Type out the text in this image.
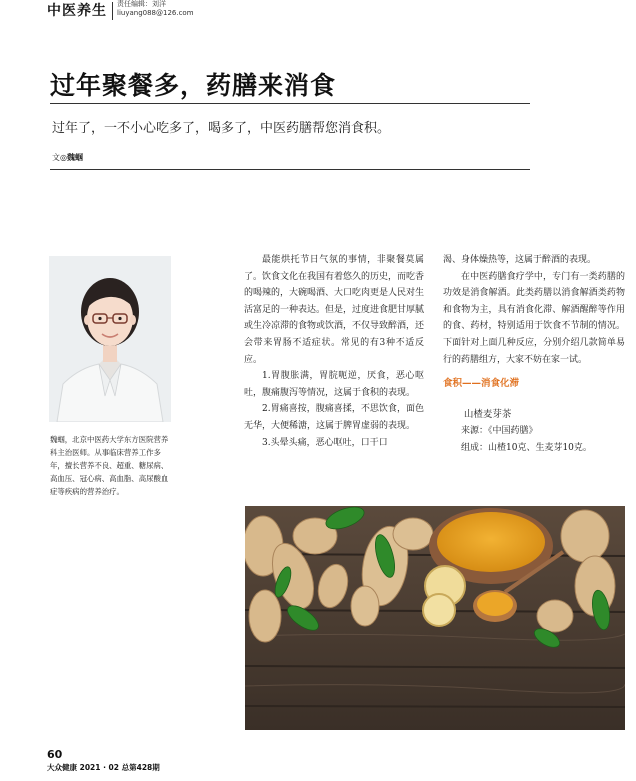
中医养生 责任编辑：刘洋
liuyang088@126.com
过年聚餐多，药膳来消食
过年了，一不小心吃多了，喝多了，中医药膳帮您消食积。
文◎魏蝈
魏蝈，北京中医药大学东方医院营养科主治医师。从事临床营养工作多年，擅长营养不良、超重、糖尿病、高血压、冠心病、高血脂、高尿酸血症等疾病的营养治疗。

最能烘托节日气氛的事情，非聚餐莫属了。饮食文化在我国有着悠久的历史，而吃香的喝辣的，大碗喝酒、大口吃肉更是人民对生活富足的一种表达。但是，过度进食肥甘厚腻或生冷凉滞的食物或饮酒，不仅导致醉酒，还会带来胃肠不适症状。常见的有3种不适反应。

1.胃腹胀满，胃脘呃逆，厌食，恶心呕吐，腹痛腹泻等情况，这属于食积的表现。

2.胃痛喜按，腹痛喜揉，不思饮食，面色无华，大便稀溏，这属于脾胃虚弱的表现。

3.头晕头痛，恶心呕吐，口干口

渴、身体燥热等，这属于醉酒的表现。

在中医药膳食疗学中，专门有一类药膳的功效是消食解酒。此类药膳以消食解酒类药物和食物为主，具有消食化滞、解酒醒醉等作用的食、药材，特别适用于饮食不节制的情况。下面针对上面几种反应，分别介绍几款简单易行的药膳组方，大家不妨在家一试。

食积——消食化滞

山楂麦芽茶

来源：《中国药膳》

组成：山楂10克、生麦芽10克。

60
大众健康 2021 · 02 总第428期
